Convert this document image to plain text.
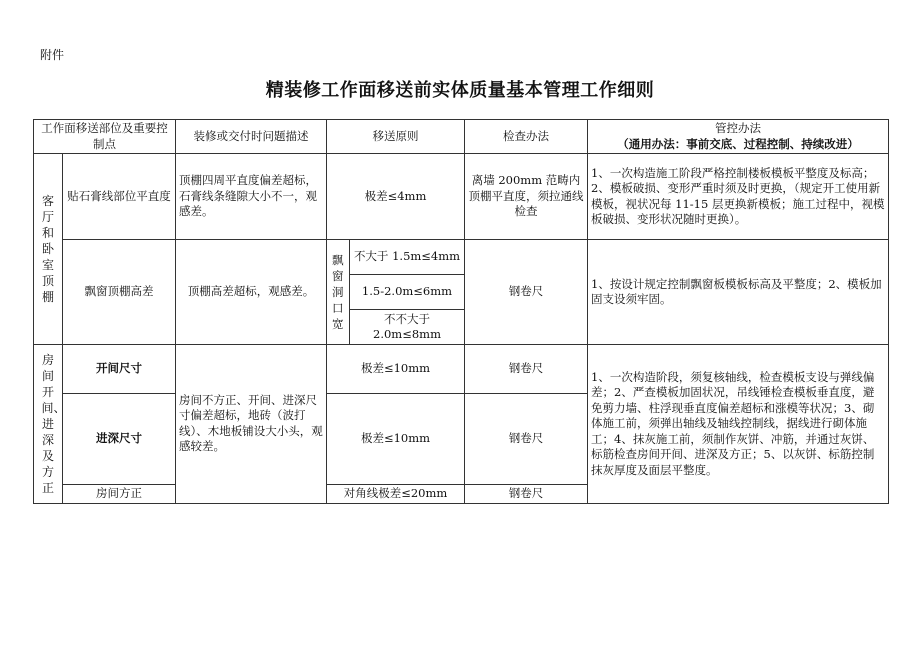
附件
精装修工作面移送前实体质量基本管理工作细则
工作面移送部位及重要控制点		装修或交付时问题描述	移送原则		检查办法	管控办法
（通用办法：事前交底、过程控制、持续改进）

客厅和卧室顶棚	贴石膏线部位平直度	顶棚四周平直度偏差超标，石膏线条缝隙大小不一，观感差。	极差≤4mm		离墙 200mm 范畴内顶棚平直度，须拉通线检查	1、一次构造施工阶段严格控制楼板模板平整度及标高；2、模板破损、变形严重时须及时更换，（规定开工使用新模板，视状况每 11-15 层更换新模板；施工过程中，视模板破损、变形状况随时更换）。
	飘窗顶棚高差	顶棚高差超标，观感差。	飘窗洞口宽	不大于 1.5m≤4mm
1.5-2.0m≤6mm
不不大于 2.0m≤8mm	钢卷尺	1、按设计规定控制飘窗板模板标高及平整度；2、模板加固支设须牢固。

房间开间、进深及方正	开间尺寸	房间不方正、开间、进深尺寸偏差超标，地砖（波打线）、木地板铺设大小头，观感较差。	极差≤10mm		钢卷尺	1、一次构造阶段，须复核轴线，检查模板支设与弹线偏差；2、严查模板加固状况，吊线锤检查模板垂直度，避免剪力墙、柱浮现垂直度偏差超标和涨模等状况；3、砌体施工前，须弹出轴线及轴线控制线，据线进行砌体施工；4、抹灰施工前，须制作灰饼、冲筋，并通过灰饼、标筋检查房间开间、进深及方正；5、以灰饼、标筋控制抹灰厚度及面层平整度。
	进深尺寸		极差≤10mm		钢卷尺	
	房间方正		对角线极差≤20mm		钢卷尺	
